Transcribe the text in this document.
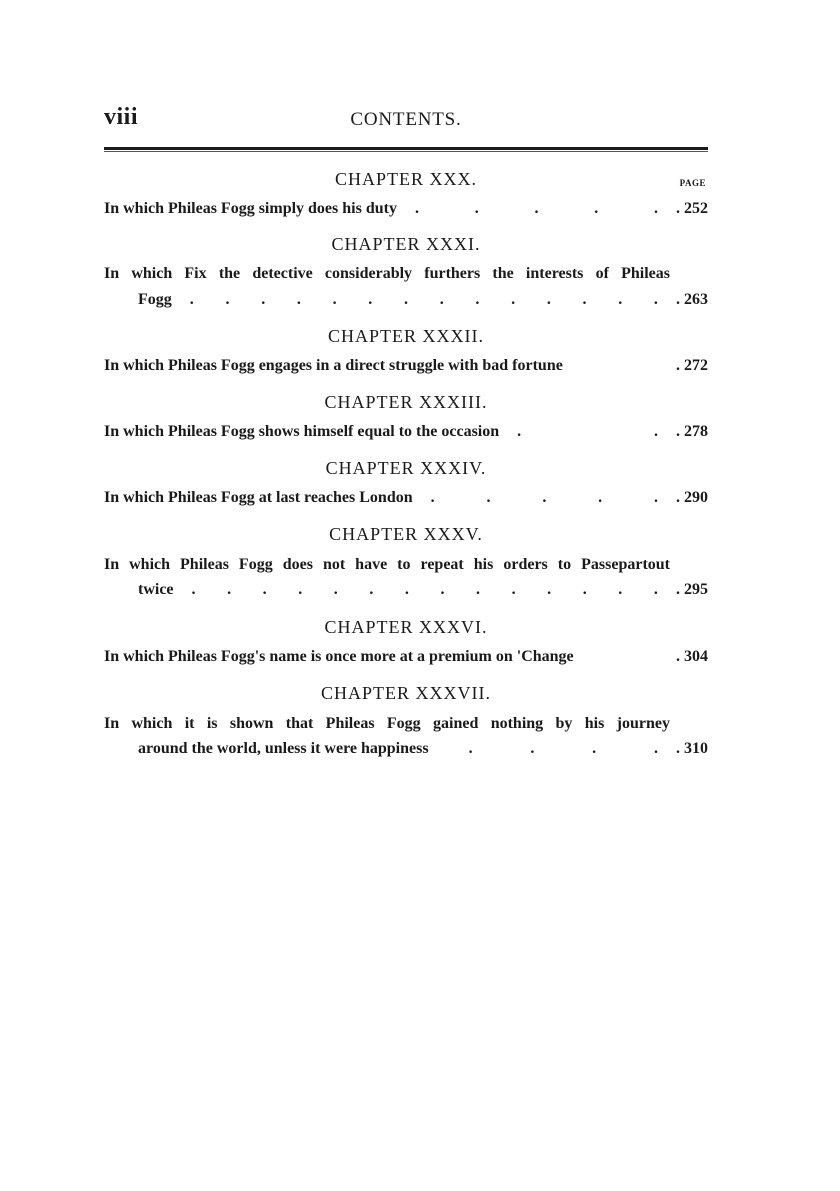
viii	CONTENTS.
PAGE
CHAPTER XXX.
In which Phileas Fogg simply does his duty .	.	.	.	.	. 252
CHAPTER XXXI.
In which Fix the detective considerably furthers the interests of Phileas
Fogg . . . . . . . . . . . . . .	. 263
CHAPTER XXXII.
In which Phileas Fogg engages in a direct struggle with bad fortune	. 272
CHAPTER XXXIII.
In which Phileas Fogg shows himself equal to the occasion .	.	. 278
CHAPTER XXXIV.
In which Phileas Fogg at last reaches London .	.	.	.	.	. 290
CHAPTER XXXV.
In which Phileas Fogg does not have to repeat his orders to Passepartout
twice . . . . . . . . . . . . . .	. 295
CHAPTER XXXVI.
In which Phileas Fogg's name is once more at a premium on 'Change	. 304
CHAPTER XXXVII.
In which it is shown that Phileas Fogg gained nothing by his journey
around the world, unless it were happiness	.	.	.	.	. 310
